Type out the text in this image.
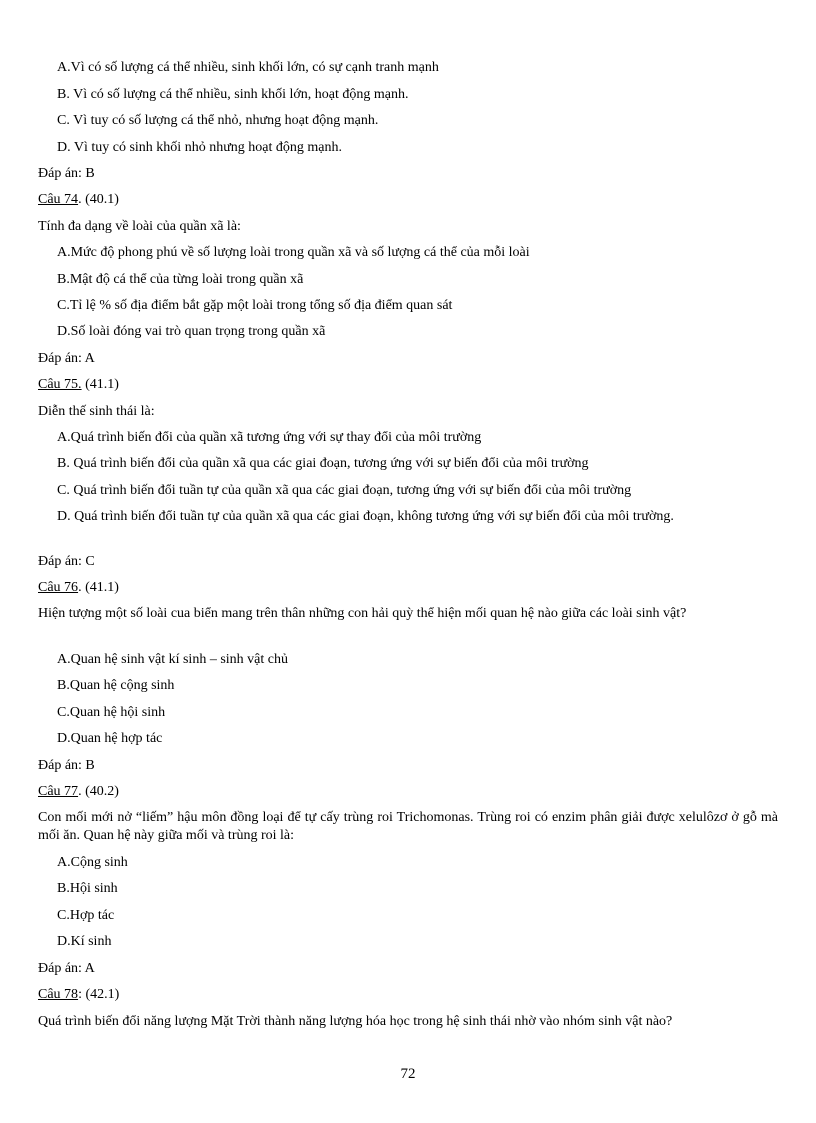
A.Vì có số lượng cá thể nhiều, sinh khối lớn, có sự cạnh tranh mạnh
B. Vì có số lượng cá thể nhiều, sinh khối lớn, hoạt động mạnh.
C. Vì tuy có số lượng cá thể nhỏ, nhưng hoạt động mạnh.
D. Vì tuy có sinh khối nhỏ nhưng hoạt động mạnh.
Đáp án: B
Câu 74. (40.1)
Tính đa dạng về loài của quần xã là:
A.Mức độ phong phú về số lượng loài trong quần xã và số lượng cá thể của mỗi loài
B.Mật độ cá thể của từng loài trong quần xã
C.Tỉ lệ % số địa điểm bắt gặp một loài trong tổng số địa điểm quan sát
D.Số loài đóng vai trò quan trọng trong quần xã
Đáp án: A
Câu 75. (41.1)
Diễn thế sinh thái là:
A.Quá trình biến đổi của quần xã tương ứng với sự thay đổi của môi trường
B. Quá trình biến đổi của quần xã qua các giai đoạn, tương ứng với sự biến đổi của môi trường
C. Quá trình biến đổi tuần tự của quần xã qua các giai đoạn, tương ứng với sự biến đổi của môi trường
D. Quá trình biến đổi tuần tự của quần xã qua các giai đoạn, không tương ứng với sự biến đổi của môi trường.
Đáp án: C
Câu 76. (41.1)
Hiện tượng một số loài cua biển mang trên thân những con hải quỳ thể hiện mối quan hệ nào giữa các loài sinh vật?
A.Quan hệ sinh vật kí sinh – sinh vật chủ
B.Quan hệ cộng sinh
C.Quan hệ hội sinh
D.Quan hệ hợp tác
Đáp án: B
Câu 77. (40.2)
Con mối mới nở “liếm” hậu môn đồng loại để tự cấy trùng roi Trichomonas. Trùng roi có enzim phân giải được xelulôzơ ở gỗ mà mối ăn. Quan hệ này giữa mối và trùng roi là:
A.Cộng sinh
B.Hội sinh
C.Hợp tác
D.Kí sinh
Đáp án: A
Câu 78: (42.1)
Quá trình biến đổi năng lượng Mặt Trời thành năng lượng hóa học trong hệ sinh thái nhờ vào nhóm sinh vật nào?
72
